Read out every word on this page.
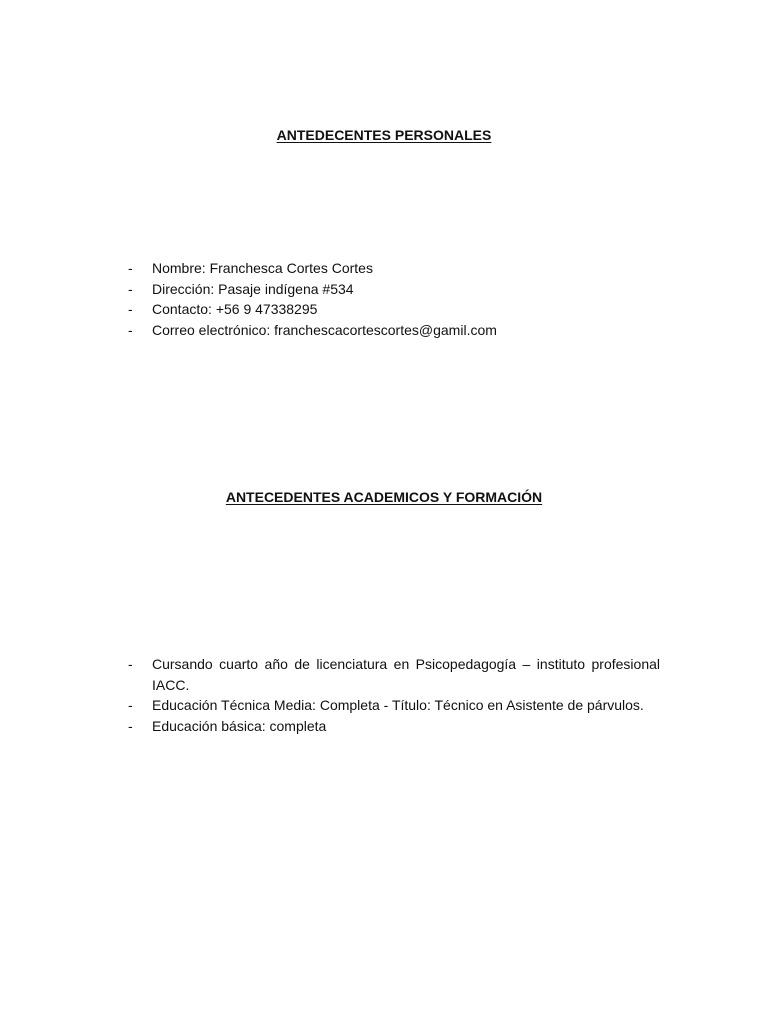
ANTEDECENTES PERSONALES
- Nombre: Franchesca Cortes Cortes
- Dirección: Pasaje indígena #534
- Contacto: +56 9 47338295
- Correo electrónico: franchescacortescortes@gamil.com
ANTECEDENTES ACADEMICOS Y FORMACIÓN
- Cursando cuarto año de licenciatura en Psicopedagogía – instituto profesional IACC.
- Educación Técnica Media: Completa - Título: Técnico en Asistente de párvulos.
- Educación básica: completa
